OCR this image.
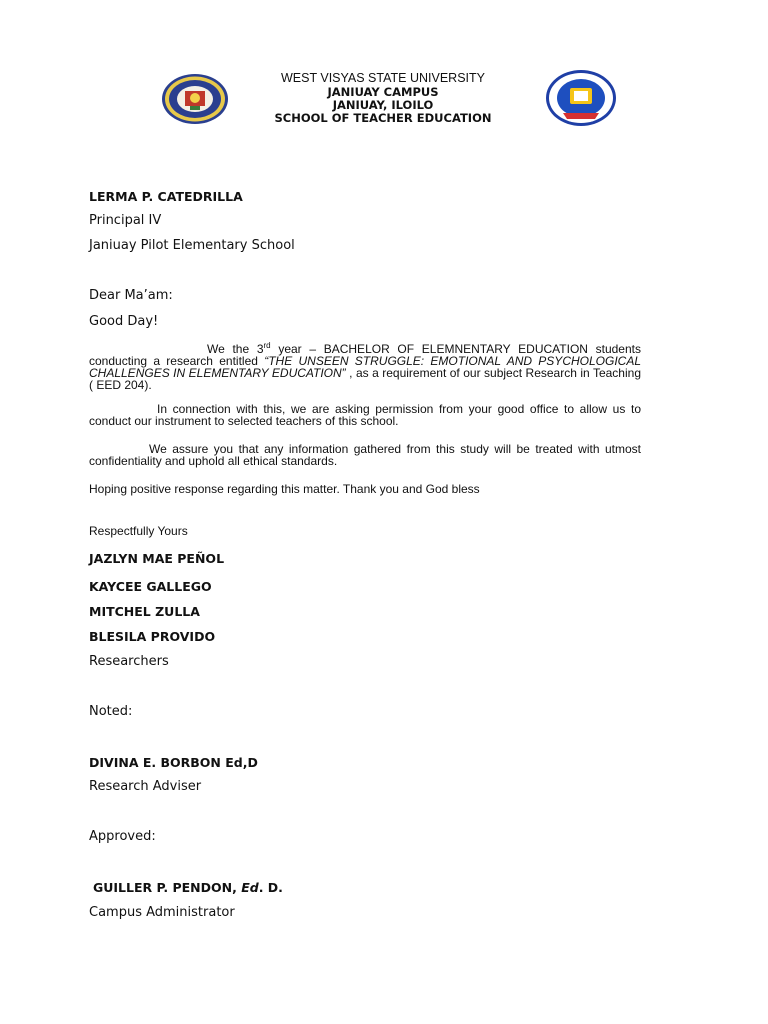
WEST VISYAS STATE UNIVERSITY
JANIUAY CAMPUS
JANIUAY, ILOILO
SCHOOL OF TEACHER EDUCATION
LERMA P. CATEDRILLA
Principal IV
Janiuay Pilot Elementary School
Dear Ma’am:
Good Day!
We the 3rd year – BACHELOR OF ELEMNENTARY EDUCATION students conducting a research entitled “THE UNSEEN STRUGGLE: EMOTIONAL AND PSYCHOLOGICAL CHALLENGES IN ELEMENTARY EDUCATION” , as a requirement of our subject Research in Teaching ( EED 204).
In connection with this, we are asking permission from your good office to allow us to conduct our instrument to selected teachers of this school.
We assure you that any information gathered from this study will be treated with utmost confidentiality and uphold all ethical standards.
Hoping positive response regarding this matter. Thank you and God bless
Respectfully Yours
JAZLYN MAE PEÑOL
KAYCEE GALLEGO
MITCHEL ZULLA
BLESILA PROVIDO
Researchers
Noted:
DIVINA E. BORBON Ed,D
Research Adviser
Approved:
GUILLER P. PENDON, Ed. D.
Campus Administrator
